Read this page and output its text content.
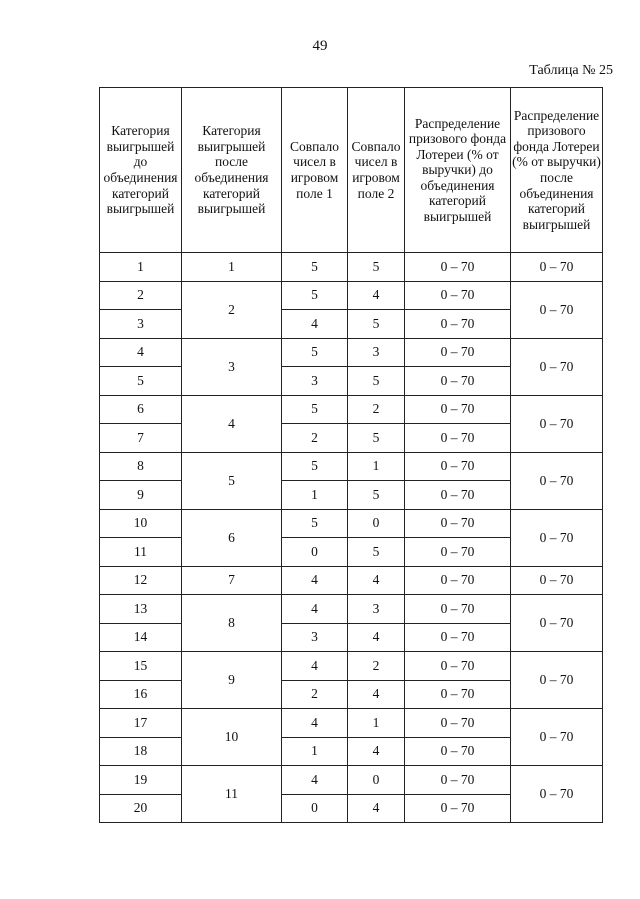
49
Таблица № 25
Категория выигрышей до объединения категорий выигрышей	Категория выигрышей после объединения категорий выигрышей	Совпало чисел в игровом поле 1	Совпало чисел в игровом поле 2	Распределение призового фонда Лотереи (% от выручки) до объединения категорий выигрышей	Распределение призового фонда Лотереи (% от выручки) после объединения категорий выигрышей

1	1	5	5	0 – 70	0 – 70
2	2	5	4	0 – 70	0 – 70
3		4	5	0 – 70	
4	3	5	3	0 – 70	0 – 70
5		3	5	0 – 70	
6	4	5	2	0 – 70	0 – 70
7		2	5	0 – 70	
8	5	5	1	0 – 70	0 – 70
9		1	5	0 – 70	
10	6	5	0	0 – 70	0 – 70
11		0	5	0 – 70	
12	7	4	4	0 – 70	0 – 70
13	8	4	3	0 – 70	0 – 70
14		3	4	0 – 70	
15	9	4	2	0 – 70	0 – 70
16		2	4	0 – 70	
17	10	4	1	0 – 70	0 – 70
18		1	4	0 – 70	
19	11	4	0	0 – 70	0 – 70
20		0	4	0 – 70	
